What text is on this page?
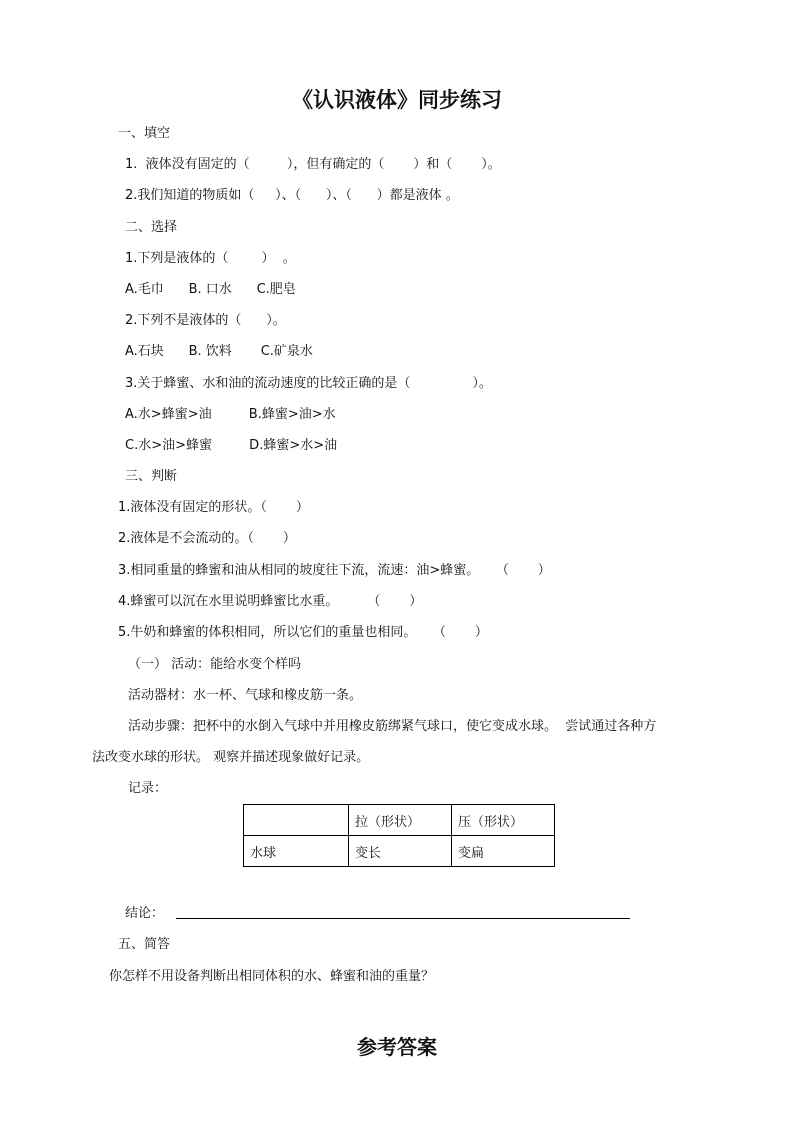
《认识液体》同步练习
一、填空
1.  液体没有固定的（         ），但有确定的（       ）和（       ）。
2.我们知道的物质如（     ）、（      ）、（      ）都是液体 。
二、选择
1.下列是液体的（        ）  。
A.毛巾      B. 口水      C.肥皂
2.下列不是液体的（      ）。
A.石块      B. 饮料       C.矿泉水
3.关于蜂蜜、水和油的流动速度的比较正确的是（               ）。
A.水>蜂蜜>油         B.蜂蜜>油>水
C.水>油>蜂蜜         D.蜂蜜>水>油
三、判断
1.液体没有固定的形状。（       ）
2.液体是不会流动的。（       ）
3.相同重量的蜂蜜和油从相同的坡度往下流，流速：油>蜂蜜。    （       ）
4.蜂蜜可以沉在水里说明蜂蜜比水重。       （       ）
5.牛奶和蜂蜜的体积相同，所以它们的重量也相同。    （       ）
（一） 活动：能给水变个样吗
活动器材：水一杯、气球和橡皮筋一条。
活动步骤：把杯中的水倒入气球中并用橡皮筋绑紧气球口，使它变成水球。  尝试通过各种方
法改变水球的形状。 观察并描述现象做好记录。
记录：
	拉（形状）	压（形状）
水球	变长	变扁
结论：
五、简答
你怎样不用设备判断出相同体积的水、蜂蜜和油的重量？
参考答案
